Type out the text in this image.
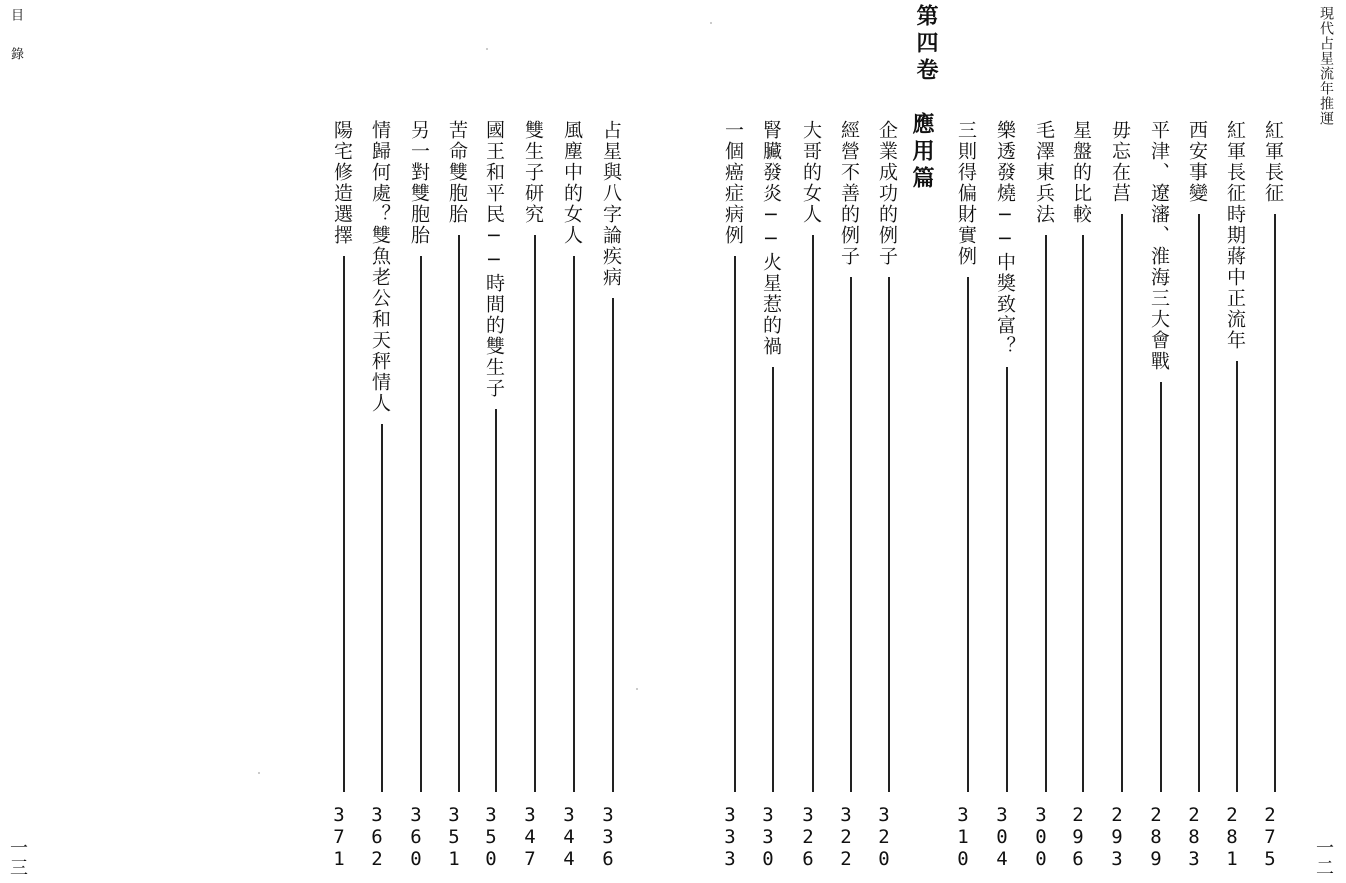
現代占星流年推運
目錄
一二
一三
第四卷
應用篇	紅軍長征
275
紅軍長征時期蔣中正流年
281
西安事變
283
平津、遼瀋、淮海三大會戰
289
毋忘在莒
293
星盤的比較
296
毛澤東兵法
300
樂透發燒──中獎致富？
304
三則得偏財實例
310
企業成功的例子
320
經營不善的例子
322
大哥的女人
326
腎臟發炎──火星惹的禍
330
一個癌症病例
333
占星與八字論疾病
336
風塵中的女人
344
雙生子研究
347
國王和平民──時間的雙生子
350
苦命雙胞胎
351
另一對雙胞胎
360
情歸何處？雙魚老公和天秤情人
362
陽宅修造選擇
371
